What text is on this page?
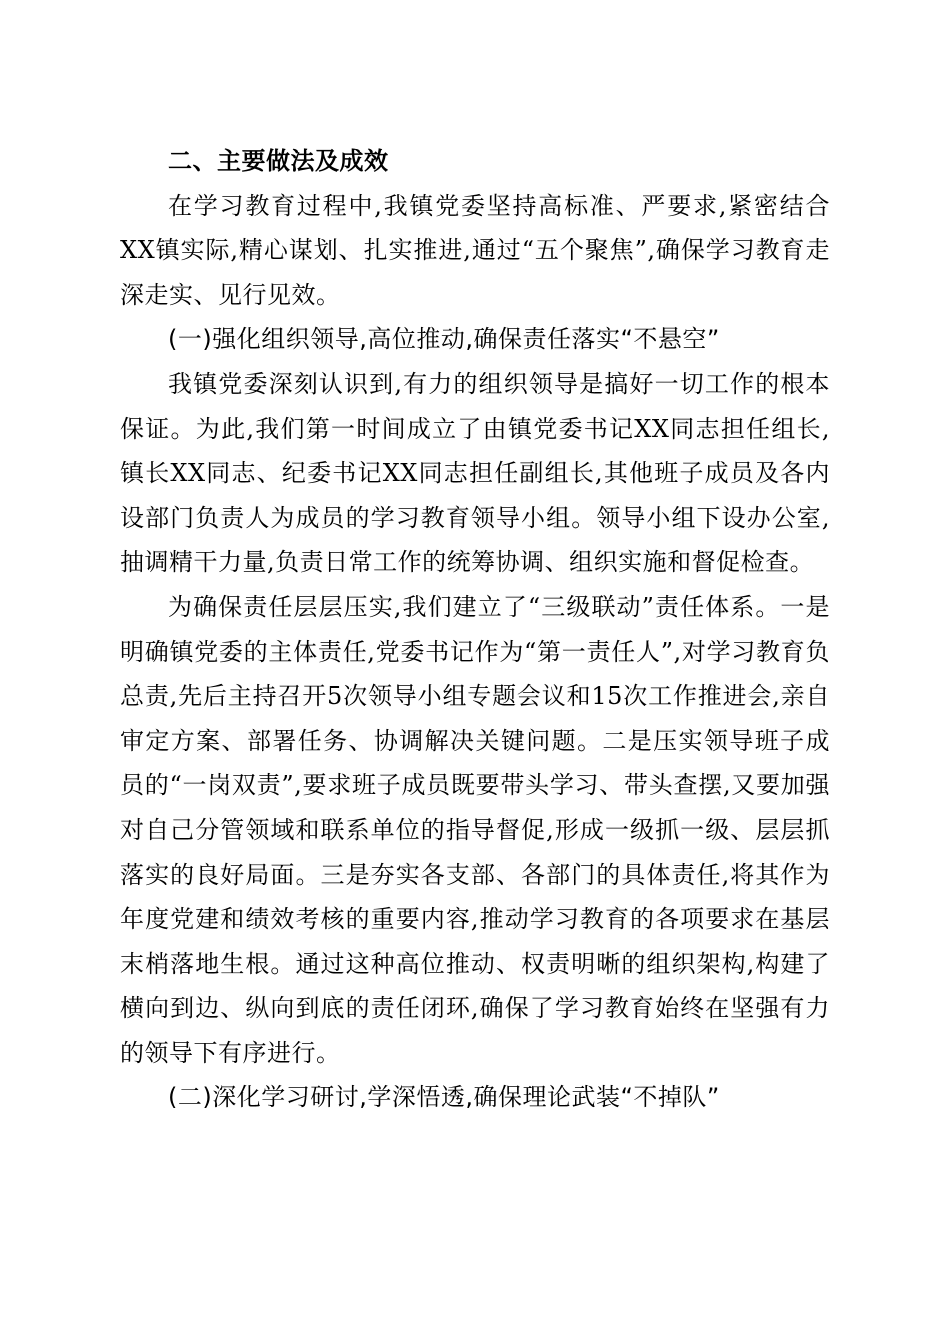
二、主要做法及成效

在学习教育过程中,我镇党委坚持高标准、严要求,紧密结合XX镇实际,精心谋划、扎实推进,通过“五个聚焦”,确保学习教育走深走实、见行见效。

(一)强化组织领导,高位推动,确保责任落实“不悬空”

我镇党委深刻认识到,有力的组织领导是搞好一切工作的根本保证。为此,我们第一时间成立了由镇党委书记XX同志担任组长,镇长XX同志、纪委书记XX同志担任副组长,其他班子成员及各内设部门负责人为成员的学习教育领导小组。领导小组下设办公室,抽调精干力量,负责日常工作的统筹协调、组织实施和督促检查。

为确保责任层层压实,我们建立了“三级联动”责任体系。一是明确镇党委的主体责任,党委书记作为“第一责任人”,对学习教育负总责,先后主持召开5次领导小组专题会议和15次工作推进会,亲自审定方案、部署任务、协调解决关键问题。二是压实领导班子成员的“一岗双责”,要求班子成员既要带头学习、带头查摆,又要加强对自己分管领域和联系单位的指导督促,形成一级抓一级、层层抓落实的良好局面。三是夯实各支部、各部门的具体责任,将其作为年度党建和绩效考核的重要内容,推动学习教育的各项要求在基层末梢落地生根。通过这种高位推动、权责明晰的组织架构,构建了横向到边、纵向到底的责任闭环,确保了学习教育始终在坚强有力的领导下有序进行。

(二)深化学习研讨,学深悟透,确保理论武装“不掉队”
